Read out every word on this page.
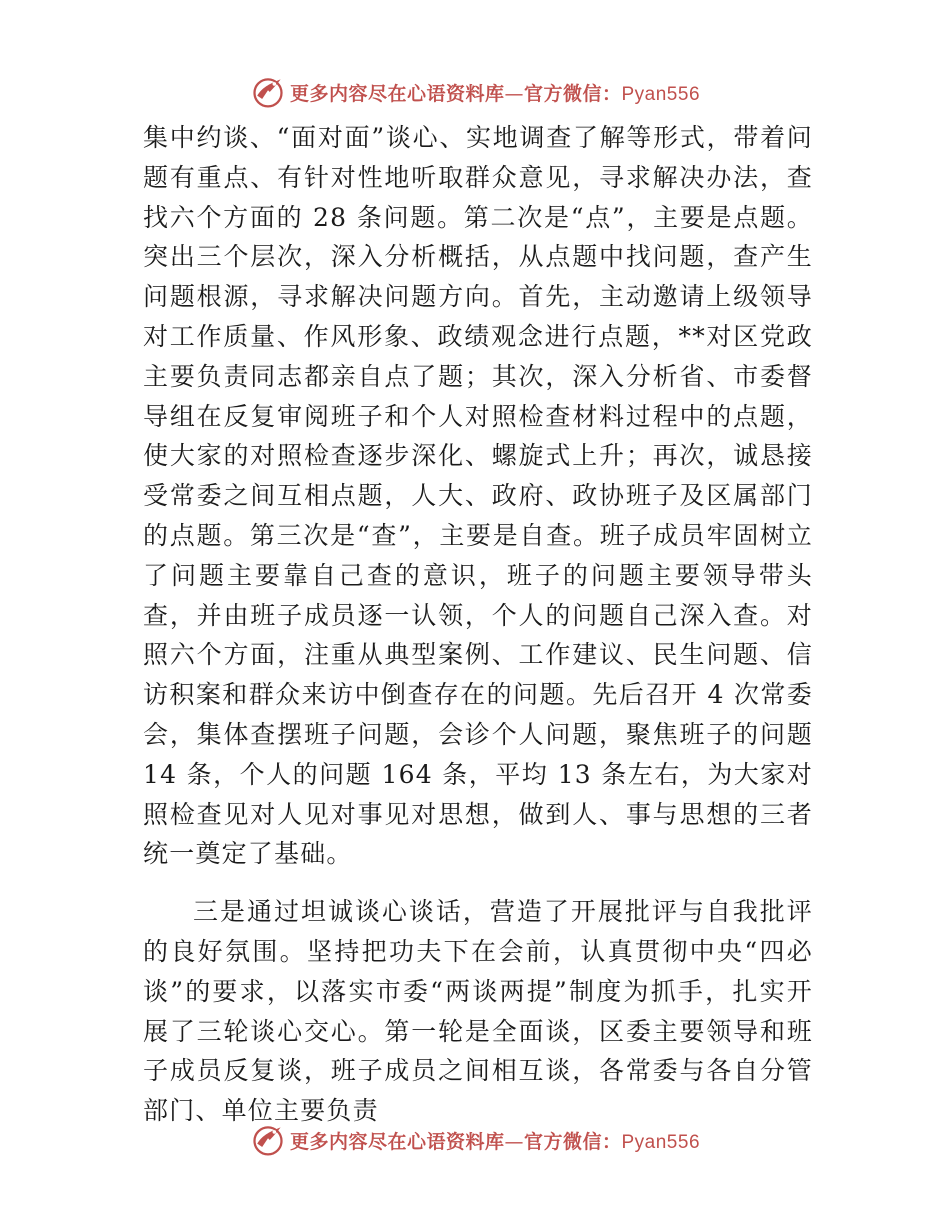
更多内容尽在心语资料库—官方微信：Pyan556

集中约谈、“面对面”谈心、实地调查了解等形式，带着问题有重点、有针对性地听取群众意见，寻求解决办法，查找六个方面的 28 条问题。第二次是“点”，主要是点题。突出三个层次，深入分析概括，从点题中找问题，查产生问题根源，寻求解决问题方向。首先，主动邀请上级领导对工作质量、作风形象、政绩观念进行点题，**对区党政主要负责同志都亲自点了题；其次，深入分析省、市委督导组在反复审阅班子和个人对照检查材料过程中的点题，使大家的对照检查逐步深化、螺旋式上升；再次，诚恳接受常委之间互相点题，人大、政府、政协班子及区属部门的点题。第三次是“查”，主要是自查。班子成员牢固树立了问题主要靠自己查的意识，班子的问题主要领导带头查，并由班子成员逐一认领，个人的问题自己深入查。对照六个方面，注重从典型案例、工作建议、民生问题、信访积案和群众来访中倒查存在的问题。先后召开 4 次常委会，集体查摆班子问题，会诊个人问题，聚焦班子的问题 14 条，个人的问题 164 条，平均 13 条左右，为大家对照检查见对人见对事见对思想，做到人、事与思想的三者统一奠定了基础。

三是通过坦诚谈心谈话，营造了开展批评与自我批评的良好氛围。坚持把功夫下在会前，认真贯彻中央“四必谈”的要求，以落实市委“两谈两提”制度为抓手，扎实开展了三轮谈心交心。第一轮是全面谈，区委主要领导和班子成员反复谈，班子成员之间相互谈，各常委与各自分管部门、单位主要负责

更多内容尽在心语资料库—官方微信：Pyan556
